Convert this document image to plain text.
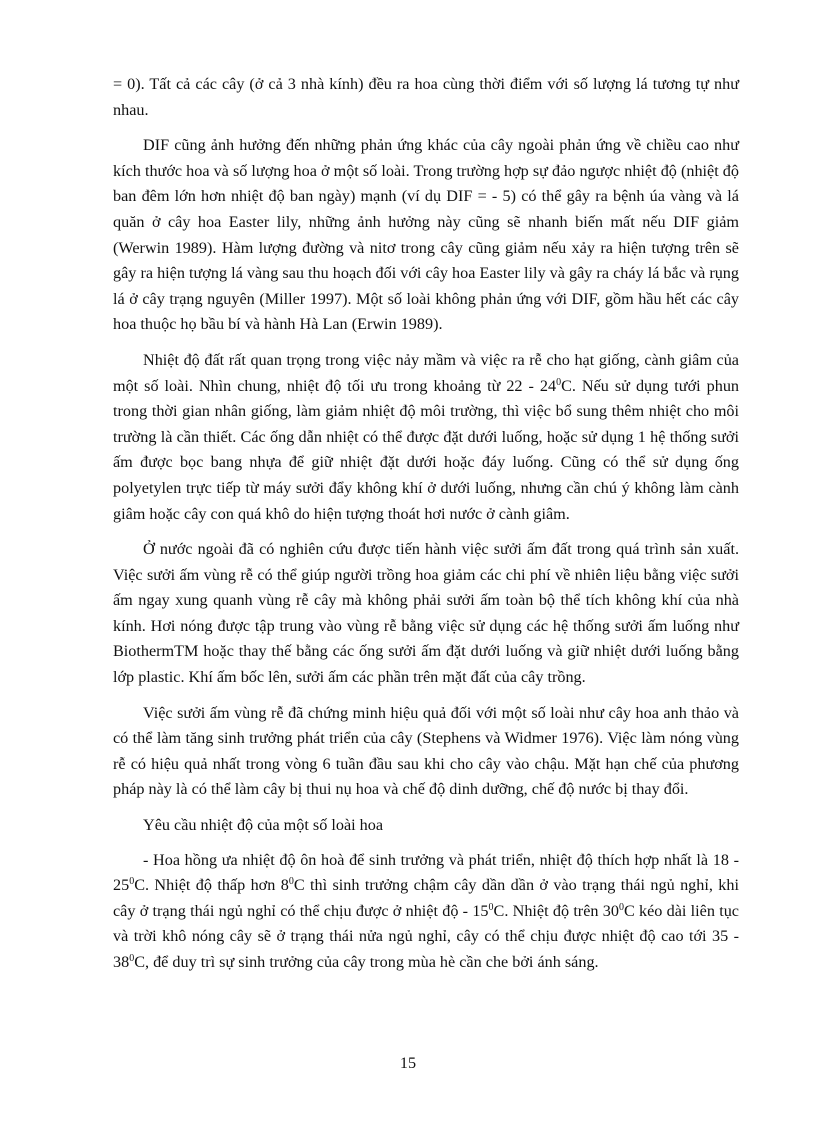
= 0). Tất cả các cây (ở cả 3 nhà kính) đều ra hoa cùng thời điểm với số lượng lá tương tự như nhau.

DIF cũng ảnh hưởng đến những phản ứng khác của cây ngoài phản ứng về chiều cao như kích thước hoa và số lượng hoa ở một số loài. Trong trường hợp sự đảo ngược nhiệt độ (nhiệt độ ban đêm lớn hơn nhiệt độ ban ngày) mạnh (ví dụ DIF = - 5) có thể gây ra bệnh úa vàng và lá quăn ở cây hoa Easter lily, những ảnh hưởng này cũng sẽ nhanh biến mất nếu DIF giảm (Werwin 1989). Hàm lượng đường và nitơ trong cây cũng giảm nếu xảy ra hiện tượng trên sẽ gây ra hiện tượng lá vàng sau thu hoạch đối với cây hoa Easter lily và gây ra cháy lá bắc và rụng lá ở cây trạng nguyên (Miller 1997). Một số loài không phản ứng với DIF, gồm hầu hết các cây hoa thuộc họ bầu bí và hành Hà Lan (Erwin 1989).

Nhiệt độ đất rất quan trọng trong việc nảy mầm và việc ra rễ cho hạt giống, cành giâm của một số loài. Nhìn chung, nhiệt độ tối ưu trong khoảng từ $22 - 24^0C$. Nếu sử dụng tưới phun trong thời gian nhân giống, làm giảm nhiệt độ môi trường, thì việc bổ sung thêm nhiệt cho môi trường là cần thiết. Các ống dẫn nhiệt có thể được đặt dưới luống, hoặc sử dụng 1 hệ thống sưởi ấm được bọc bang nhựa để giữ nhiệt đặt dưới hoặc đáy luống. Cũng có thể sử dụng ống polyetylen trực tiếp từ máy sưởi đẩy không khí ở dưới luống, nhưng cần chú ý không làm cành giâm hoặc cây con quá khô do hiện tượng thoát hơi nước ở cành giâm.

Ở nước ngoài đã có nghiên cứu được tiến hành việc sưởi ấm đất trong quá trình sản xuất. Việc sưởi ấm vùng rễ có thể giúp người trồng hoa giảm các chi phí về nhiên liệu bằng việc sưởi ấm ngay xung quanh vùng rễ cây mà không phải sưởi ấm toàn bộ thể tích không khí của nhà kính. Hơi nóng được tập trung vào vùng rễ bằng việc sử dụng các hệ thống sưởi ấm luống như BiothermTM hoặc thay thế bằng các ống sưởi ấm đặt dưới luống và giữ nhiệt dưới luống bằng lớp plastic. Khí ấm bốc lên, sưởi ấm các phần trên mặt đất của cây trồng.

Việc sưởi ấm vùng rễ đã chứng minh hiệu quả đối với một số loài như cây hoa anh thảo và có thể làm tăng sinh trưởng phát triển của cây (Stephens và Widmer 1976). Việc làm nóng vùng rễ có hiệu quả nhất trong vòng 6 tuần đầu sau khi cho cây vào chậu. Mặt hạn chế của phương pháp này là có thể làm cây bị thui nụ hoa và chế độ dinh dưỡng, chế độ nước bị thay đổi.

Yêu cầu nhiệt độ của một số loài hoa

- Hoa hồng ưa nhiệt độ ôn hoà để sinh trưởng và phát triển, nhiệt độ thích hợp nhất là $18 - 25^0C$. Nhiệt độ thấp hơn $8^0C$ thì sinh trưởng chậm cây dần dần ở vào trạng thái ngủ nghỉ, khi cây ở trạng thái ngủ nghỉ có thể chịu được ở nhiệt độ - $15^0C$. Nhiệt độ trên $30^0C$ kéo dài liên tục và trời khô nóng cây sẽ ở trạng thái nửa ngủ nghỉ, cây có thể chịu được nhiệt độ cao tới $35 - 38^0C$, để duy trì sự sinh trưởng của cây trong mùa hè cần che bởi ánh sáng.

15
